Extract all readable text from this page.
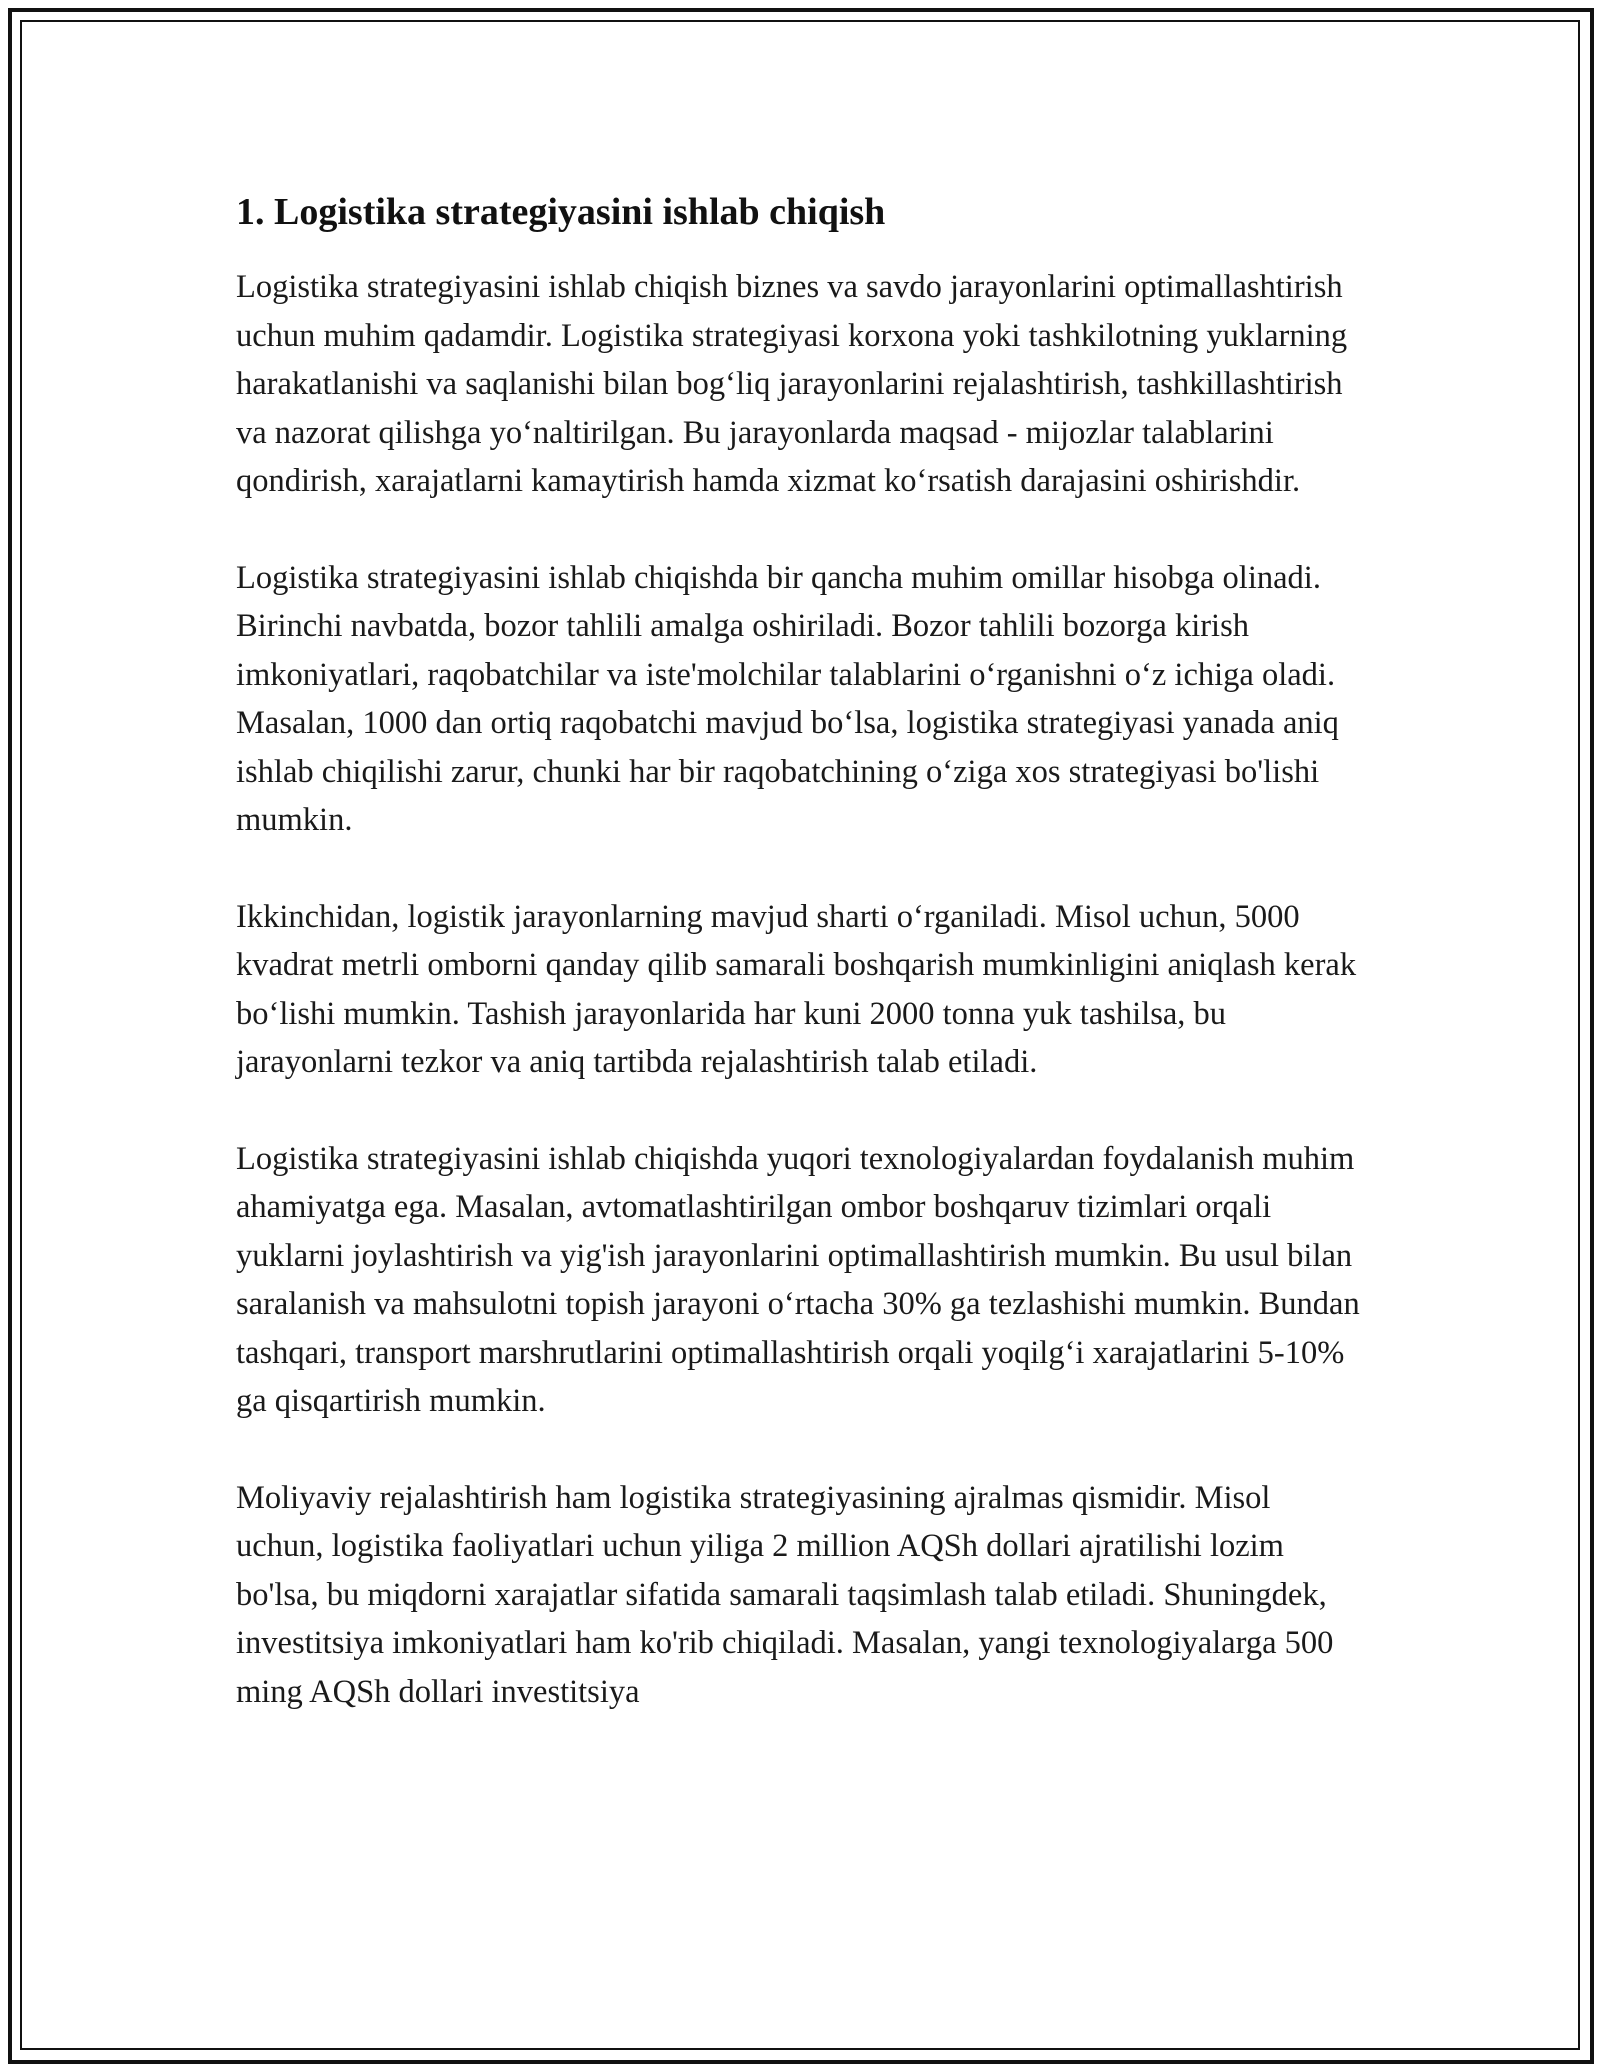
1. Logistika strategiyasini ishlab chiqish

Logistika strategiyasini ishlab chiqish biznes va savdo jarayonlarini optimallashtirish uchun muhim qadamdir. Logistika strategiyasi korxona yoki tashkilotning yuklarning harakatlanishi va saqlanishi bilan bog‘liq jarayonlarini rejalashtirish, tashkillashtirish va nazorat qilishga yo‘naltirilgan. Bu jarayonlarda maqsad - mijozlar talablarini qondirish, xarajatlarni kamaytirish hamda xizmat ko‘rsatish darajasini oshirishdir.

Logistika strategiyasini ishlab chiqishda bir qancha muhim omillar hisobga olinadi. Birinchi navbatda, bozor tahlili amalga oshiriladi. Bozor tahlili bozorga kirish imkoniyatlari, raqobatchilar va iste'molchilar talablarini o‘rganishni o‘z ichiga oladi. Masalan, 1000 dan ortiq raqobatchi mavjud bo‘lsa, logistika strategiyasi yanada aniq ishlab chiqilishi zarur, chunki har bir raqobatchining o‘ziga xos strategiyasi bo'lishi mumkin.

Ikkinchidan, logistik jarayonlarning mavjud sharti o‘rganiladi. Misol uchun, 5000 kvadrat metrli omborni qanday qilib samarali boshqarish mumkinligini aniqlash kerak bo‘lishi mumkin. Tashish jarayonlarida har kuni 2000 tonna yuk tashilsa, bu jarayonlarni tezkor va aniq tartibda rejalashtirish talab etiladi.

Logistika strategiyasini ishlab chiqishda yuqori texnologiyalardan foydalanish muhim ahamiyatga ega. Masalan, avtomatlashtirilgan ombor boshqaruv tizimlari orqali yuklarni joylashtirish va yig'ish jarayonlarini optimallashtirish mumkin. Bu usul bilan saralanish va mahsulotni topish jarayoni o‘rtacha 30% ga tezlashishi mumkin. Bundan tashqari, transport marshrutlarini optimallashtirish orqali yoqilg‘i xarajatlarini 5-10% ga qisqartirish mumkin.

Moliyaviy rejalashtirish ham logistika strategiyasining ajralmas qismidir. Misol uchun, logistika faoliyatlari uchun yiliga 2 million AQSh dollari ajratilishi lozim bo'lsa, bu miqdorni xarajatlar sifatida samarali taqsimlash talab etiladi. Shuningdek, investitsiya imkoniyatlari ham ko'rib chiqiladi. Masalan, yangi texnologiyalarga 500 ming AQSh dollari investitsiya
